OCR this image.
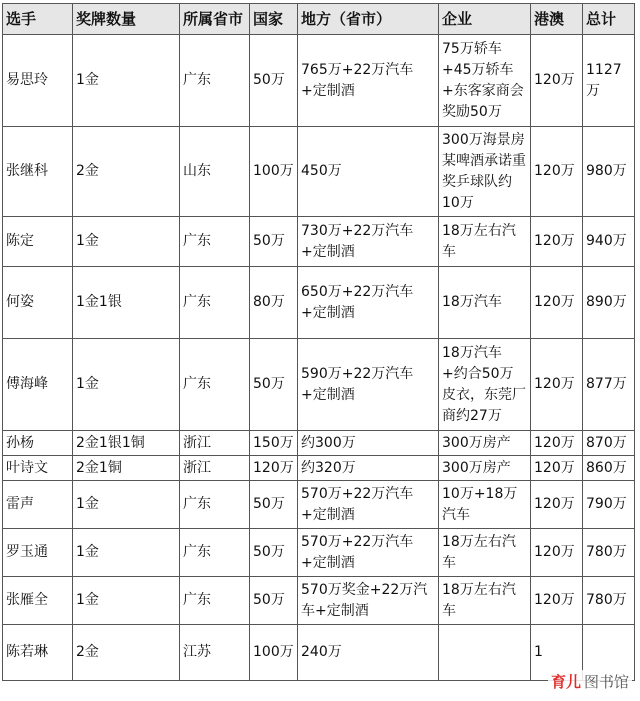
选手	奖牌数量	所属省市	国家	地方（省市）	企业	港澳	总计
易思玲	1金	广东	50万	765万+22万汽车+定制酒	75万轿车+45万轿车+东客家商会奖励50万	120万	1127万
张继科	2金	山东	100万	450万	300万海景房 某啤酒承诺重奖乒球队约10万	120万	980万
陈定	1金	广东	50万	730万+22万汽车+定制酒	18万左右汽车	120万	940万
何姿	1金1银	广东	80万	650万+22万汽车+定制酒	18万汽车	120万	890万
傅海峰	1金	广东	50万	590万+22万汽车+定制酒	18万汽车+约合50万皮衣，东莞厂商约27万	120万	877万
孙杨	2金1银1铜	浙江	150万	约300万	300万房产	120万	870万
叶诗文	2金1铜	浙江	120万	约320万	300万房产	120万	860万
雷声	1金	广东	50万	570万+22万汽车+定制酒	10万+18万汽车	120万	790万
罗玉通	1金	广东	50万	570万+22万汽车+定制酒	18万左右汽车	120万	780万
张雁全	1金	广东	50万	570万奖金+22万汽车+定制酒	18万左右汽车	120万	780万
陈若琳	2金	江苏	100万	240万		1	
育儿 图书馆
